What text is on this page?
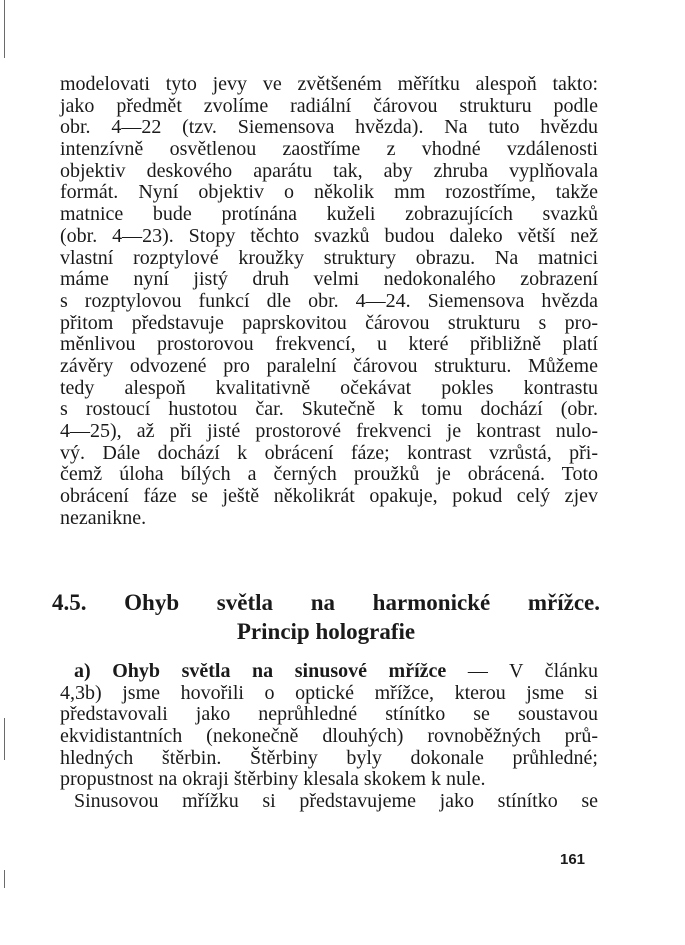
modelovati tyto jevy ve zvětšeném měřítku alespoň takto:
jako předmět zvolíme radiální čárovou strukturu podle
obr. 4—22 (tzv. Siemensova hvězda). Na tuto hvězdu
intenzívně osvětlenou zaostříme z vhodné vzdálenosti
objektiv deskového aparátu tak, aby zhruba vyplňovala
formát. Nyní objektiv o několik mm rozostříme, takže
matnice bude protínána kuželi zobrazujících svazků
(obr. 4—23). Stopy těchto svazků budou daleko větší než
vlastní rozptylové kroužky struktury obrazu. Na matnici
máme nyní jistý druh velmi nedokonalého zobrazení
s rozptylovou funkcí dle obr. 4—24. Siemensova hvězda
přitom představuje paprskovitou čárovou strukturu s pro-
měnlivou prostorovou frekvencí, u které přibližně platí
závěry odvozené pro paralelní čárovou strukturu. Můžeme
tedy alespoň kvalitativně očekávat pokles kontrastu
s rostoucí hustotou čar. Skutečně k tomu dochází (obr.
4—25), až při jisté prostorové frekvenci je kontrast nulo-
vý. Dále dochází k obrácení fáze; kontrast vzrůstá, při-
čemž úloha bílých a černých proužků je obrácená. Toto
obrácení fáze se ještě několikrát opakuje, pokud celý zjev
nezanikne.
4.5. Ohyb světla na harmonické mřížce.
Princip holografie
a) Ohyb světla na sinusové mřížce — V článku
4,3b) jsme hovořili o optické mřížce, kterou jsme si
představovali jako neprůhledné stínítko se soustavou
ekvidistantních (nekonečně dlouhých) rovnoběžných prů-
hledných štěrbin. Štěrbiny byly dokonale průhledné;
propustnost na okraji štěrbiny klesala skokem k nule.
Sinusovou mřížku si představujeme jako stínítko se
161
